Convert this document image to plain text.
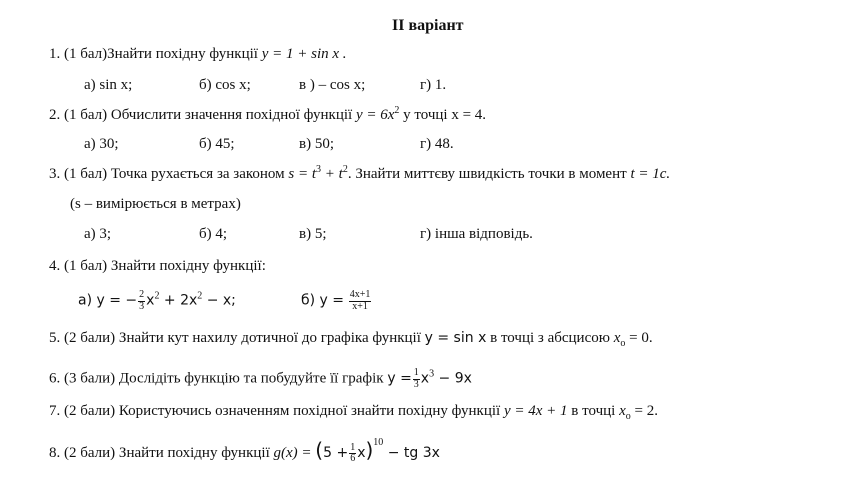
ІІ варіант
1. (1 бал)Знайти похідну функції y = 1 + sin x .
а) sin x;	б) cos x;	в ) – cos x;	г) 1.
2. (1 бал) Обчислити значення похідної функції $y = 6x^2$ у точці x = 4.
а) 30;	б) 45;	в) 50;	г) 48.
3. (1 бал) Точка рухається за законом $s = t^3 + t^2$. Знайти миттєву швидкість точки в момент t = 1с.
(s – вимірюється в метрах)
а) 3;	б) 4;	в) 5;	г) інша відповідь.
4. (1 бал) Знайти похідну функції:
а) y = − $\frac{2}{3} x^2 + 2x^2 - x$;	б) $y = \frac{4x+1}{x+1}$
5. (2 бали) Знайти кут нахилу дотичної до графіка функції y = sin x в точці з абсцисою $x_o = 0$.
6. (3 бали) Дослідіть функцію та побудуйте її графік $y = \frac{1}{3} x^3 - 9x$
7. (2 бали) Користуючись означенням похідної знайти похідну функції y = 4x + 1 в точці $x_o = 2$.
8. (2 бали) Знайти похідну функції $g(x) = (5 + \frac{1}{6} x)^{10}$ − tg 3x
